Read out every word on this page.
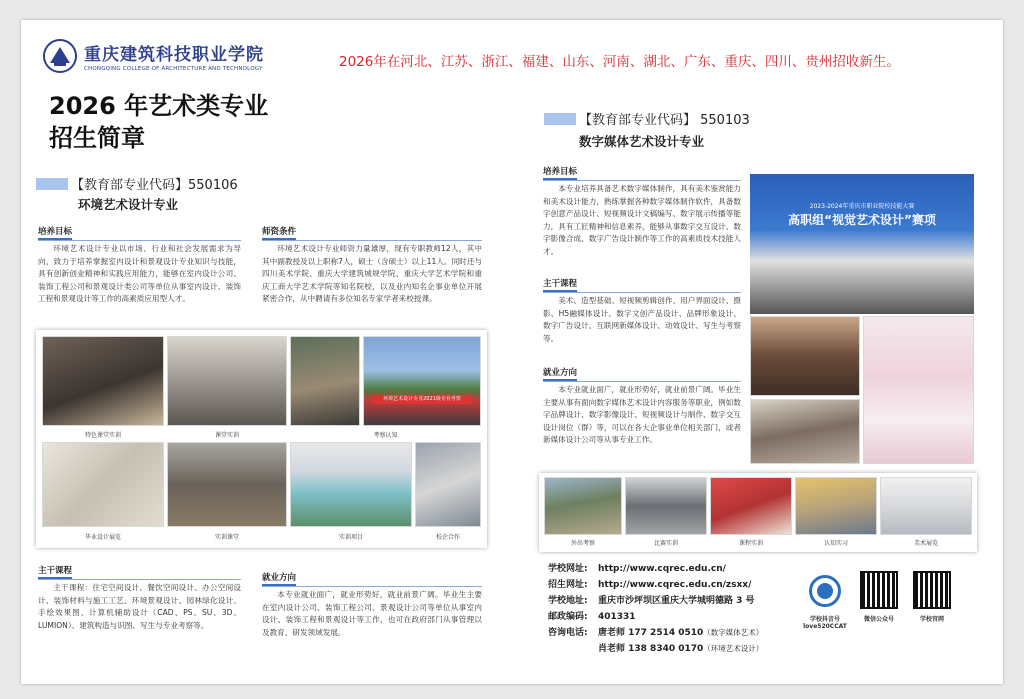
重庆建筑科技职业学院
CHONGQING COLLEGE OF ARCHITECTURE AND TECHNOLOGY	2026年在河北、江苏、浙江、福建、山东、河南、湖北、广东、重庆、四川、贵州招收新生。
2026 年艺术类专业
招生简章
【教育部专业代码】550106
环境艺术设计专业
培养目标
环境艺术设计专业以市场、行业和社会发展需求为导向，致力于培养掌握室内设计和景观设计专业知识与技能，具有创新创业精神和实践应用能力，能够在室内设计公司、装饰工程公司和景观设计类公司等单位从事室内设计、装饰工程和景观设计等工作的高素质应用型人才。
师资条件
环境艺术设计专业师资力量雄厚，现有专职教师12人，其中其中副教授及以上职称7人，硕士（含硕士）以上11人。同时还与四川美术学院、重庆大学建筑城规学院、重庆大学艺术学院和重庆工商大学艺术学院等知名院校，以及业内知名企事业单位开展紧密合作，从中聘请有多位知名专家学者来校授课。
特色课堂实训	课堂实训
环境艺术设计专业2021级专业考察
考察认知
毕业设计展览	实训课堂	实训项目	校企合作
主干课程
主干课程：住宅空间设计、餐饮空间设计、办公空间设计、装饰材料与施工工艺、环境景观设计、园林绿化设计、手绘效果图、计算机辅助设计（CAD、PS、SU、3D、LUMION）、建筑构造与识图、写生与专业考察等。
就业方向
本专业就业面广，就业形势好，就业前景广阔。毕业生主要在室内设计公司、装饰工程公司、景观设计公司等单位从事室内设计、装饰工程和景观设计等工作，也可在政府部门从事管理以及教育、研发领域发展。
【教育部专业代码】 550103
数字媒体艺术设计专业
培养目标
本专业培养具备艺术数字媒体制作，具有美术鉴赏能力和美术设计能力，熟练掌握各种数字媒体制作软件，具备数字创意产品设计、短视频设计文稿编写、数字展示传播等能力，具有工匠精神和信息素养，能够从事数字交互设计、数字影像合成、数字广告设计制作等工作的高素质技术技能人才。
主干课程
美术、造型基础、短视频剪辑创作、用户界面设计、摄影、H5融媒体设计、数字文创产品设计、品牌形象设计、数字广告设计、互联网新媒体设计、动效设计、写生与考察等。
就业方向
本专业就业面广，就业形势好，就业前景广阔。毕业生主要从事有面向数字媒体艺术设计内容服务等职业，例如数字品牌设计、数字影像设计、短视频设计与制作、数字交互设计岗位（群）等，可以在各大企事业单位相关部门，或者新媒体设计公司等从事专业工作。
2023-2024年重庆市职业院校技能大赛
高职组“视觉艺术设计”赛项
外出考察	比赛实训	课程实训	认知实习	美术展览
学校网址: http://www.cqrec.edu.cn/
招生网址: http://www.cqrec.edu.cn/zsxx/
学校地址: 重庆市沙坪坝区重庆大学城明德路 3 号
邮政编码: 401331
咨询电话: 唐老师 177 2514 0510（数字媒体艺术）
肖老师 138 8340 0170（环境艺术设计）
学校抖音号 love520CCAT
微信公众号	学校官网
